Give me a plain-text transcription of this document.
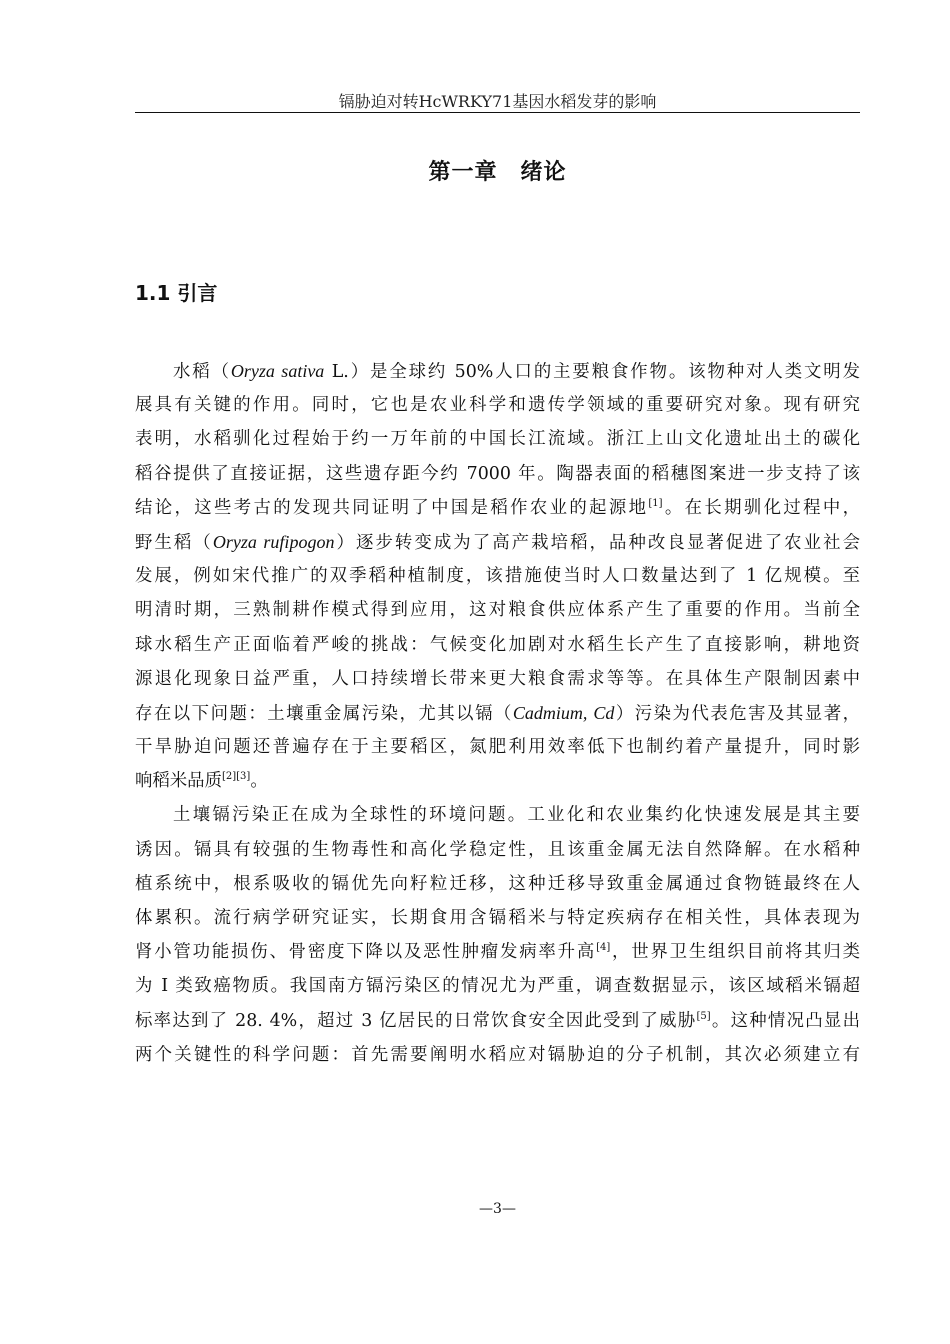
镉胁迫对转HcWRKY71基因水稻发芽的影响
第一章　绪论
1.1 引言
水稻（Oryza sativa L.）是全球约 50%人口的主要粮食作物。该物种对人类文明发
展具有关键的作用。同时，它也是农业科学和遗传学领域的重要研究对象。现有研究
表明，水稻驯化过程始于约一万年前的中国长江流域。浙江上山文化遗址出土的碳化
稻谷提供了直接证据，这些遗存距今约 7000 年。陶器表面的稻穗图案进一步支持了该
结论，这些考古的发现共同证明了中国是稻作农业的起源地[1]。在长期驯化过程中，
野生稻（Oryza rufipogon）逐步转变成为了高产栽培稻，品种改良显著促进了农业社会
发展，例如宋代推广的双季稻种植制度，该措施使当时人口数量达到了 1 亿规模。至
明清时期，三熟制耕作模式得到应用，这对粮食供应体系产生了重要的作用。当前全
球水稻生产正面临着严峻的挑战：气候变化加剧对水稻生长产生了直接影响，耕地资
源退化现象日益严重，人口持续增长带来更大粮食需求等等。在具体生产限制因素中
存在以下问题：土壤重金属污染，尤其以镉（Cadmium, Cd）污染为代表危害及其显著，
干旱胁迫问题还普遍存在于主要稻区，氮肥利用效率低下也制约着产量提升，同时影
响稻米品质[2][3]。
土壤镉污染正在成为全球性的环境问题。工业化和农业集约化快速发展是其主要
诱因。镉具有较强的生物毒性和高化学稳定性，且该重金属无法自然降解。在水稻种
植系统中，根系吸收的镉优先向籽粒迁移，这种迁移导致重金属通过食物链最终在人
体累积。流行病学研究证实，长期食用含镉稻米与特定疾病存在相关性，具体表现为
肾小管功能损伤、骨密度下降以及恶性肿瘤发病率升高[4]，世界卫生组织目前将其归类
为 I 类致癌物质。我国南方镉污染区的情况尤为严重，调查数据显示，该区域稻米镉超
标率达到了 28. 4%，超过 3 亿居民的日常饮食安全因此受到了威胁[5]。这种情况凸显出
两个关键性的科学问题：首先需要阐明水稻应对镉胁迫的分子机制，其次必须建立有
—3—
